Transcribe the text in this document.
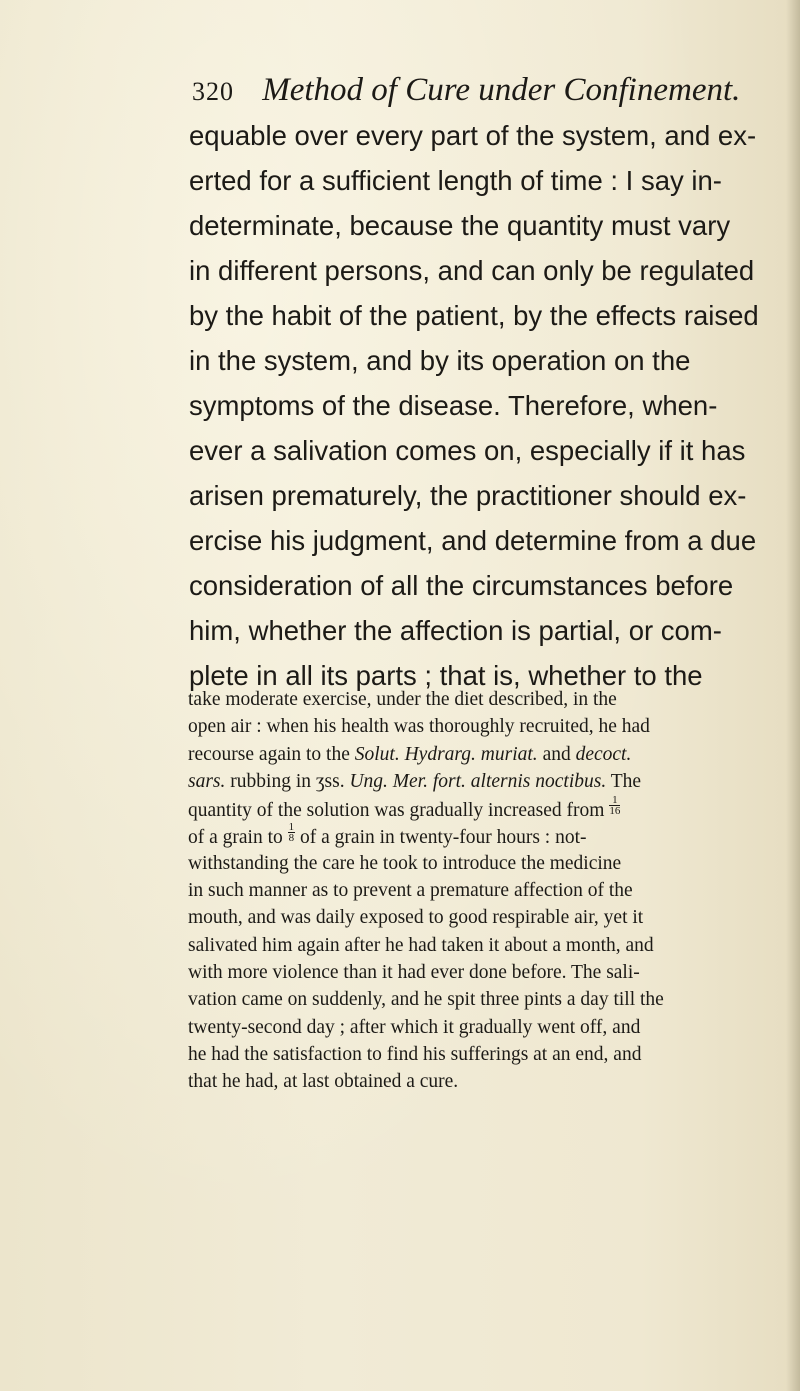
320 Method of Cure under Confinement.
equable over every part of the system, and ex-
erted for a sufficient length of time : I say in-
determinate, because the quantity must vary
in different persons, and can only be regulated
by the habit of the patient, by the effects raised
in the system, and by its operation on the
symptoms of the disease. Therefore, when-
ever a salivation comes on, especially if it has
arisen prematurely, the practitioner should ex-
ercise his judgment, and determine from a due
consideration of all the circumstances before
him, whether the affection is partial, or com-
plete in all its parts ; that is, whether to the
take moderate exercise, under the diet described, in the
open air : when his health was thoroughly recruited, he had
recourse again to the Solut. Hydrarg. muriat. and decoct.
sars. rubbing in ʒss. Ung. Mer. fort. alternis noctibus. The
quantity of the solution was gradually increased from $\frac{1}{16}$
of a grain to $\frac{1}{8}$ of a grain in twenty-four hours : not-
withstanding the care he took to introduce the medicine
in such manner as to prevent a premature affection of the
mouth, and was daily exposed to good respirable air, yet it
salivated him again after he had taken it about a month, and
with more violence than it had ever done before. The sali-
vation came on suddenly, and he spit three pints a day till the
twenty-second day ; after which it gradually went off, and
he had the satisfaction to find his sufferings at an end, and
that he had, at last obtained a cure.
